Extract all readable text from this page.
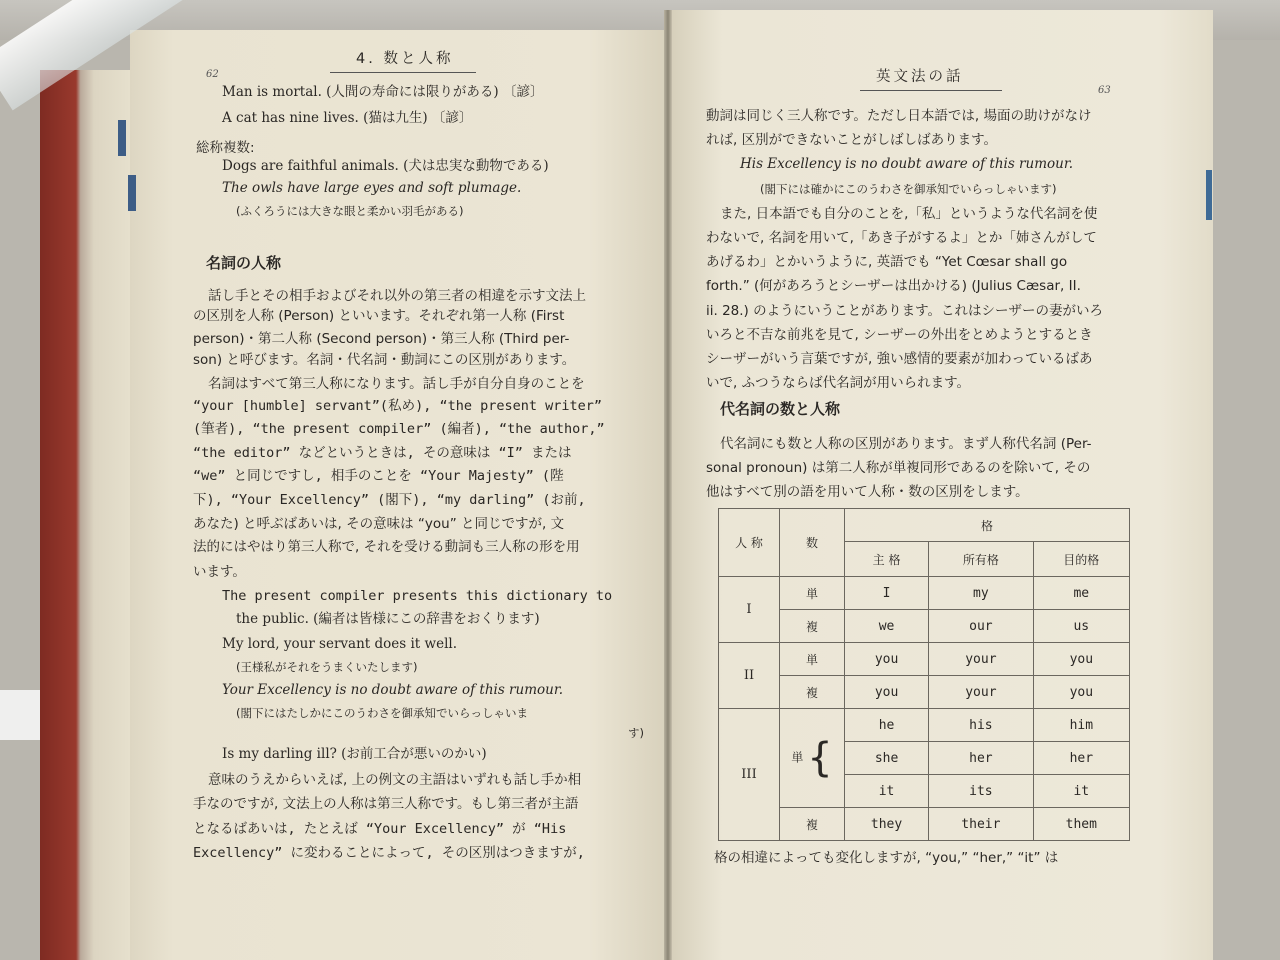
62
4. 数と人称
Man is mortal. (人間の寿命には限りがある) 〔諺〕
A cat has nine lives. (猫は九生) 〔諺〕
総称複数:
Dogs are faithful animals. (犬は忠実な動物である)
The owls have large eyes and soft plumage.
(ふくろうには大きな眼と柔かい羽毛がある)
名詞の人称
話し手とその相手およびそれ以外の第三者の相違を示す文法上
の区別を人称 (Person) といいます。それぞれ第一人称 (First
person)・第二人称 (Second person)・第三人称 (Third per-
son) と呼びます。名詞・代名詞・動詞にこの区別があります。
名詞はすべて第三人称になります。話し手が自分自身のことを
“your [humble] servant”(私め), “the present writer”
(筆者), “the present compiler” (編者), “the author,”
“the editor” などというときは, その意味は “I” または
“we” と同じですし, 相手のことを “Your Majesty” (陛
下), “Your Excellency” (閣下), “my darling” (お前,
あなた) と呼ぶばあいは, その意味は “you” と同じですが, 文
法的にはやはり第三人称で, それを受ける動詞も三人称の形を用
います。
The present compiler presents this dictionary to
the public. (編者は皆様にこの辞書をおくります)
My lord, your servant does it well.
(王様私がそれをうまくいたします)
Your Excellency is no doubt aware of this rumour.
(閣下にはたしかにこのうわさを御承知でいらっしゃいま
す)
Is my darling ill? (お前工合が悪いのかい)
意味のうえからいえば, 上の例文の主語はいずれも話し手か相
手なのですが, 文法上の人称は第三人称です。もし第三者が主語
となるばあいは, たとえば “Your Excellency” が “His
Excellency” に変わることによって, その区別はつきますが,
英文法の話
63
動詞は同じく三人称です。ただし日本語では, 場面の助けがなけ
れば, 区別ができないことがしばしばあります。
His Excellency is no doubt aware of this rumour.
(閣下には確かにこのうわさを御承知でいらっしゃいます)
また, 日本語でも自分のことを,「私」というような代名詞を使
わないで, 名詞を用いて,「あき子がするよ」とか「姉さんがして
あげるわ」とかいうように, 英語でも “Yet Cœsar shall go
forth.” (何があろうとシーザーは出かける) (Julius Cæsar, II.
ii. 28.) のようにいうことがあります。これはシーザーの妻がいろ
いろと不吉な前兆を見て, シーザーの外出をとめようとするとき
シーザーがいう言葉ですが, 強い感情的要素が加わっているばあ
いで, ふつうならば代名詞が用いられます。
代名詞の数と人称
代名詞にも数と人称の区別があります。まず人称代名詞 (Per-
sonal pronoun) は第二人称が単複同形であるのを除いて, その
他はすべて別の語を用いて人称・数の区別をします。
人 称	数	格		
		主 格	所有格	目的格
I	単	I	my	me
	複	we	our	us
II	単	you	your	you
	複	you	your	you
III	単 {	he	his	him
		she	her	her
		it	its	it
	複	they	their	them
格の相違によっても変化しますが, “you,” “her,” “it” は
